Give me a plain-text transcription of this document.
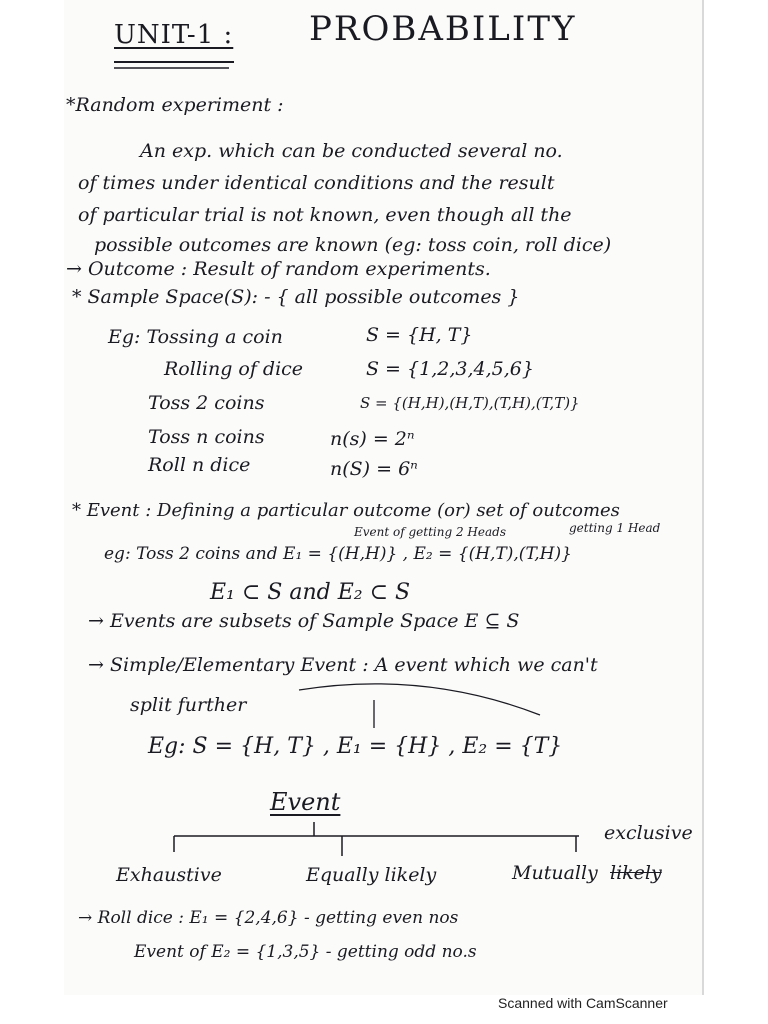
UNIT-1 : PROBABILITY
*Random experiment :
An exp. which can be conducted several no.
of times under identical conditions and the result
of particular trial is not known, even though all the
possible outcomes are known (eg: toss coin, roll dice)
→ Outcome : Result of random experiments.
* Sample Space(S): - { all possible outcomes }
Eg: Tossing a coin	S = {H, T}
Rolling of dice	S = {1,2,3,4,5,6}
Toss 2 coins	S = {(H,H),(H,T),(T,H),(T,T)}
Toss n coins	n(s) = 2ⁿ
Roll n dice	n(S) = 6ⁿ
* Event : Defining a particular outcome (or) set of outcomes
Event of getting 2 Heads	getting 1 Head
eg: Toss 2 coins and E₁ = {(H,H)} , E₂ = {(H,T),(T,H)}
E₁ ⊂ S and E₂ ⊂ S
→ Events are subsets of Sample Space E ⊆ S
→ Simple/Elementary Event : A event which we can't
split further
Eg: S = {H, T} , E₁ = {H} , E₂ = {T}
Event
Exhaustive	Equally likely	Mutually likely
exclusive
→ Roll dice : E₁ = {2,4,6} - getting even nos
Event of E₂ = {1,3,5} - getting odd no.s
Scanned with CamScanner
